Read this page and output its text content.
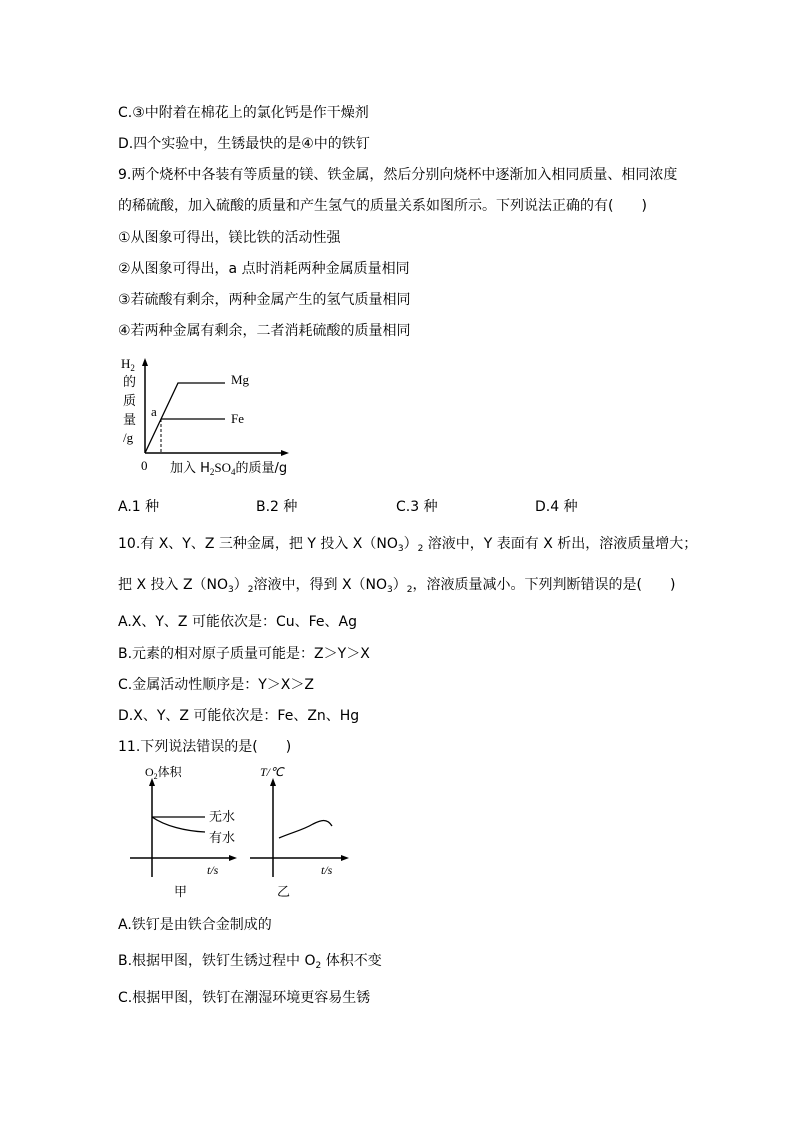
C.③中附着在棉花上的氯化钙是作干燥剂
D.四个实验中，生锈最快的是④中的铁钉
9.两个烧杯中各装有等质量的镁、铁金属，然后分别向烧杯中逐渐加入相同质量、相同浓度
的稀硫酸，加入硫酸的质量和产生氢气的质量关系如图所示。下列说法正确的有(　　)
①从图象可得出，镁比铁的活动性强
②从图象可得出，a 点时消耗两种金属质量相同
③若硫酸有剩余，两种金属产生的氢气质量相同
④若两种金属有剩余，二者消耗硫酸的质量相同
$H_2$
的
质
量
/g
0
a
Mg
Fe
加入 $H_2SO_4$的质量/g
A.1 种	B.2 种	C.3 种	D.4 种
10.有 X、Y、Z 三种金属，把 Y 投入 $X(NO_3)_2$ 溶液中，Y 表面有 X 析出，溶液质量增大；
把 X 投入 $Z(NO_3)_2$溶液中，得到 $X(NO_3)_2$，溶液质量减小。下列判断错误的是(　　)
A.X、Y、Z 可能依次是：Cu、Fe、Ag
B.元素的相对原子质量可能是：Z＞Y＞X
C.金属活动性顺序是：Y＞X＞Z
D.X、Y、Z 可能依次是：Fe、Zn、Hg
11.下列说法错误的是(　　)
$O_2$体积
无水
有水
t/s
甲
T/℃
t/s
乙
A.铁钉是由铁合金制成的
B.根据甲图，铁钉生锈过程中 $O_2$ 体积不变
C.根据甲图，铁钉在潮湿环境更容易生锈
